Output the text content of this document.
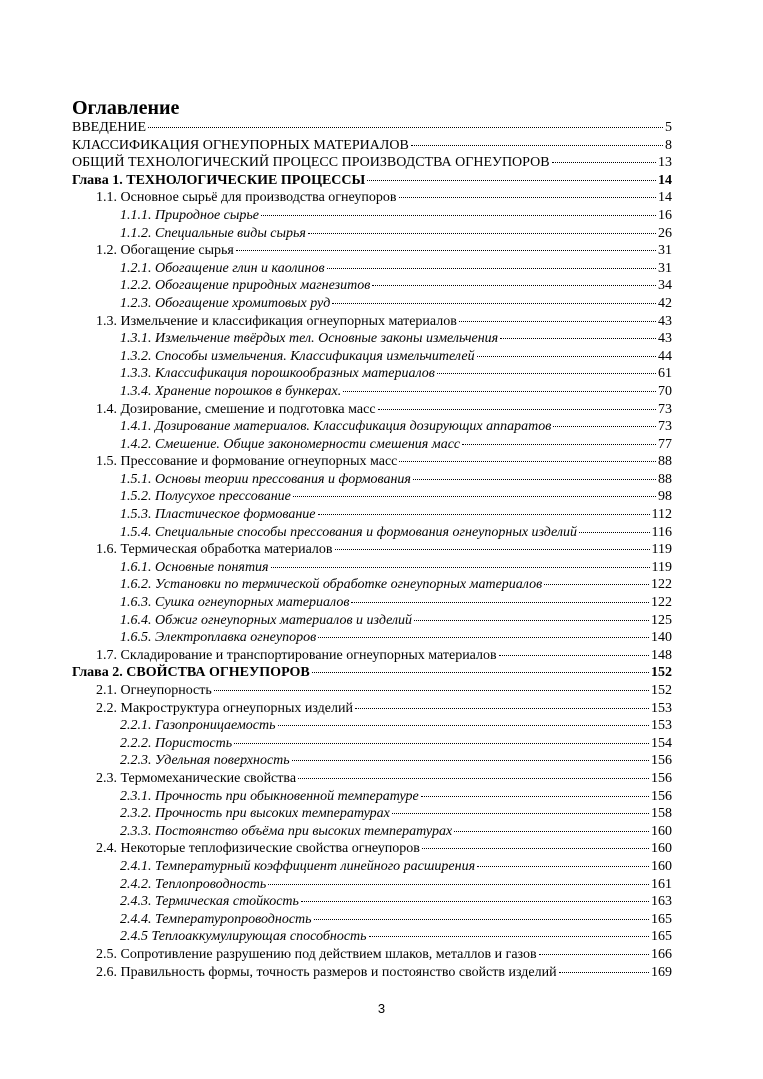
Оглавление
ВВЕДЕНИЕ	5
КЛАССИФИКАЦИЯ ОГНЕУПОРНЫХ МАТЕРИАЛОВ	8
ОБЩИЙ ТЕХНОЛОГИЧЕСКИЙ ПРОЦЕСС ПРОИЗВОДСТВА ОГНЕУПОРОВ	13
Глава 1. ТЕХНОЛОГИЧЕСКИЕ ПРОЦЕССЫ	14
1.1. Основное сырьё для производства огнеупоров	14
1.1.1. Природное сырье	16
1.1.2. Специальные виды сырья	26
1.2. Обогащение сырья	31
1.2.1. Обогащение глин и каолинов	31
1.2.2. Обогащение природных магнезитов	34
1.2.3. Обогащение хромитовых руд	42
1.3. Измельчение и классификация огнеупорных материалов	43
1.3.1. Измельчение твёрдых тел. Основные законы измельчения	43
1.3.2. Способы измельчения. Классификация измельчителей	44
1.3.3. Классификация порошкообразных материалов	61
1.3.4. Хранение порошков в бункерах.	70
1.4. Дозирование, смешение и подготовка масс	73
1.4.1. Дозирование материалов. Классификация дозирующих аппаратов	73
1.4.2. Смешение. Общие закономерности смешения масс	77
1.5. Прессование и формование огнеупорных масс	88
1.5.1. Основы теории прессования и формования	88
1.5.2. Полусухое прессование	98
1.5.3. Пластическое формование	112
1.5.4. Специальные способы прессования и формования огнеупорных изделий	116
1.6. Термическая обработка материалов	119
1.6.1. Основные понятия	119
1.6.2. Установки по термической обработке огнеупорных материалов	122
1.6.3. Сушка огнеупорных материалов	122
1.6.4. Обжиг огнеупорных материалов и изделий	125
1.6.5. Электроплавка огнеупоров	140
1.7. Складирование и транспортирование огнеупорных материалов	148
Глава 2. СВОЙСТВА ОГНЕУПОРОВ	152
2.1. Огнеупорность	152
2.2. Макроструктура огнеупорных изделий	153
2.2.1. Газопроницаемость	153
2.2.2. Пористость	154
2.2.3. Удельная поверхность	156
2.3. Термомеханические свойства	156
2.3.1. Прочность при обыкновенной температуре	156
2.3.2. Прочность при высоких температурах	158
2.3.3. Постоянство объёма при высоких температурах	160
2.4. Некоторые теплофизические свойства огнеупоров	160
2.4.1. Температурный коэффициент линейного расширения	160
2.4.2. Теплопроводность	161
2.4.3. Термическая стойкость	163
2.4.4. Температуропроводность	165
2.4.5 Теплоаккумулирующая способность	165
2.5. Сопротивление разрушению под действием шлаков, металлов и газов	166
2.6. Правильность формы, точность размеров и постоянство свойств изделий	169
3
